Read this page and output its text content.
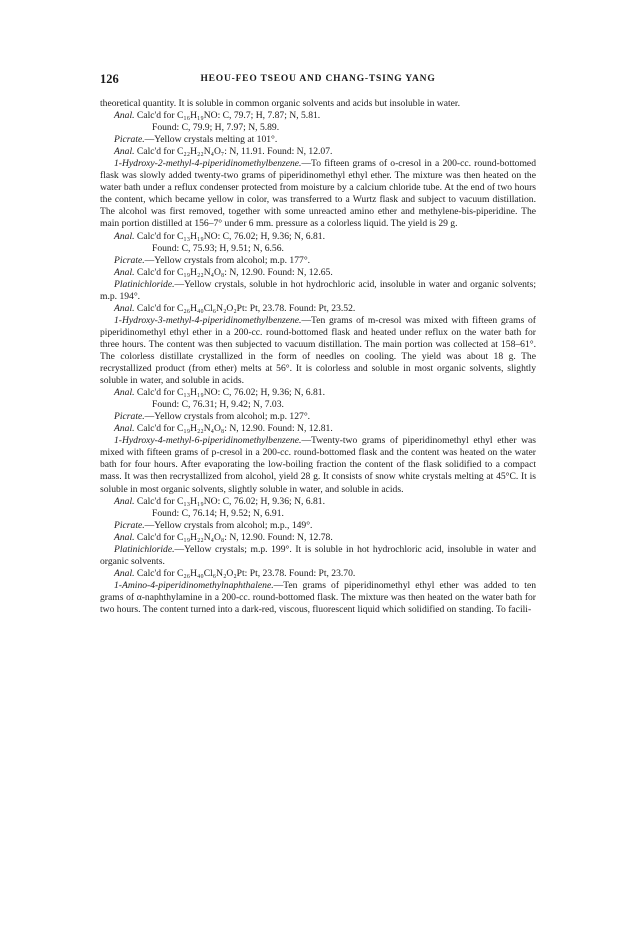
126	HEOU-FEO TSEOU AND CHANG-TSING YANG

theoretical quantity. It is soluble in common organic solvents and acids but insoluble in water.

Anal. Calc'd for C₁₆H₁₉NO: C, 79.7; H, 7.87; N, 5.81.

Found: C, 79.9; H, 7.97; N, 5.89.

Picrate.—Yellow crystals melting at 101°.

Anal. Calc'd for C₂₂H₂₂N₄O₇: N, 11.91. Found: N, 12.07.

1-Hydroxy-2-methyl-4-piperidinomethylbenzene.—To fifteen grams of o-cresol in a 200-cc. round-bottomed flask was slowly added twenty-two grams of piperidinomethyl ethyl ether. The mixture was then heated on the water bath under a reflux condenser protected from moisture by a calcium chloride tube. At the end of two hours the content, which became yellow in color, was transferred to a Wurtz flask and subject to vacuum distillation. The alcohol was first removed, together with some unreacted amino ether and methylene-bis-piperidine. The main portion distilled at 156–7° under 6 mm. pressure as a colorless liquid. The yield is 29 g.

Anal. Calc'd for C₁₃H₁₉NO: C, 76.02; H, 9.36; N, 6.81.

Found: C, 75.93; H, 9.51; N, 6.56.

Picrate.—Yellow crystals from alcohol; m.p. 177°.

Anal. Calc'd for C₁₉H₂₂N₄O₈: N, 12.90. Found: N, 12.65.

Platinichloride.—Yellow crystals, soluble in hot hydrochloric acid, insoluble in water and organic solvents; m.p. 194°.

Anal. Calc'd for C₂₆H₄₀Cl₆N₂O₂Pt: Pt, 23.78. Found: Pt, 23.52.

1-Hydroxy-3-methyl-4-piperidinomethylbenzene.—Ten grams of m-cresol was mixed with fifteen grams of piperidinomethyl ethyl ether in a 200-cc. round-bottomed flask and heated under reflux on the water bath for three hours. The content was then subjected to vacuum distillation. The main portion was collected at 158–61°. The colorless distillate crystallized in the form of needles on cooling. The yield was about 18 g. The recrystallized product (from ether) melts at 56°. It is colorless and soluble in most organic solvents, slightly soluble in water, and soluble in acids.

Anal. Calc'd for C₁₃H₁₉NO: C, 76.02; H, 9.36; N, 6.81.

Found: C, 76.31; H, 9.42; N, 7.03.

Picrate.—Yellow crystals from alcohol; m.p. 127°.

Anal. Calc'd for C₁₉H₂₂N₄O₈: N, 12.90. Found: N, 12.81.

1-Hydroxy-4-methyl-6-piperidinomethylbenzene.—Twenty-two grams of piperidinomethyl ethyl ether was mixed with fifteen grams of p-cresol in a 200-cc. round-bottomed flask and the content was heated on the water bath for four hours. After evaporating the low-boiling fraction the content of the flask solidified to a compact mass. It was then recrystallized from alcohol, yield 28 g. It consists of snow white crystals melting at 45°C. It is soluble in most organic solvents, slightly soluble in water, and soluble in acids.

Anal. Calc'd for C₁₃H₁₉NO: C, 76.02; H, 9.36; N, 6.81.

Found: C, 76.14; H, 9.52; N, 6.91.

Picrate.—Yellow crystals from alcohol; m.p., 149°.

Anal. Calc'd for C₁₉H₂₂N₄O₈: N, 12.90. Found: N, 12.78.

Platinichloride.—Yellow crystals; m.p. 199°. It is soluble in hot hydrochloric acid, insoluble in water and organic solvents.

Anal. Calc'd for C₂₆H₄₀Cl₆N₂O₂Pt: Pt, 23.78. Found: Pt, 23.70.

1-Amino-4-piperidinomethylnaphthalene.—Ten grams of piperidinomethyl ethyl ether was added to ten grams of α-naphthylamine in a 200-cc. round-bottomed flask. The mixture was then heated on the water bath for two hours. The content turned into a dark-red, viscous, fluorescent liquid which solidified on standing. To facili-
